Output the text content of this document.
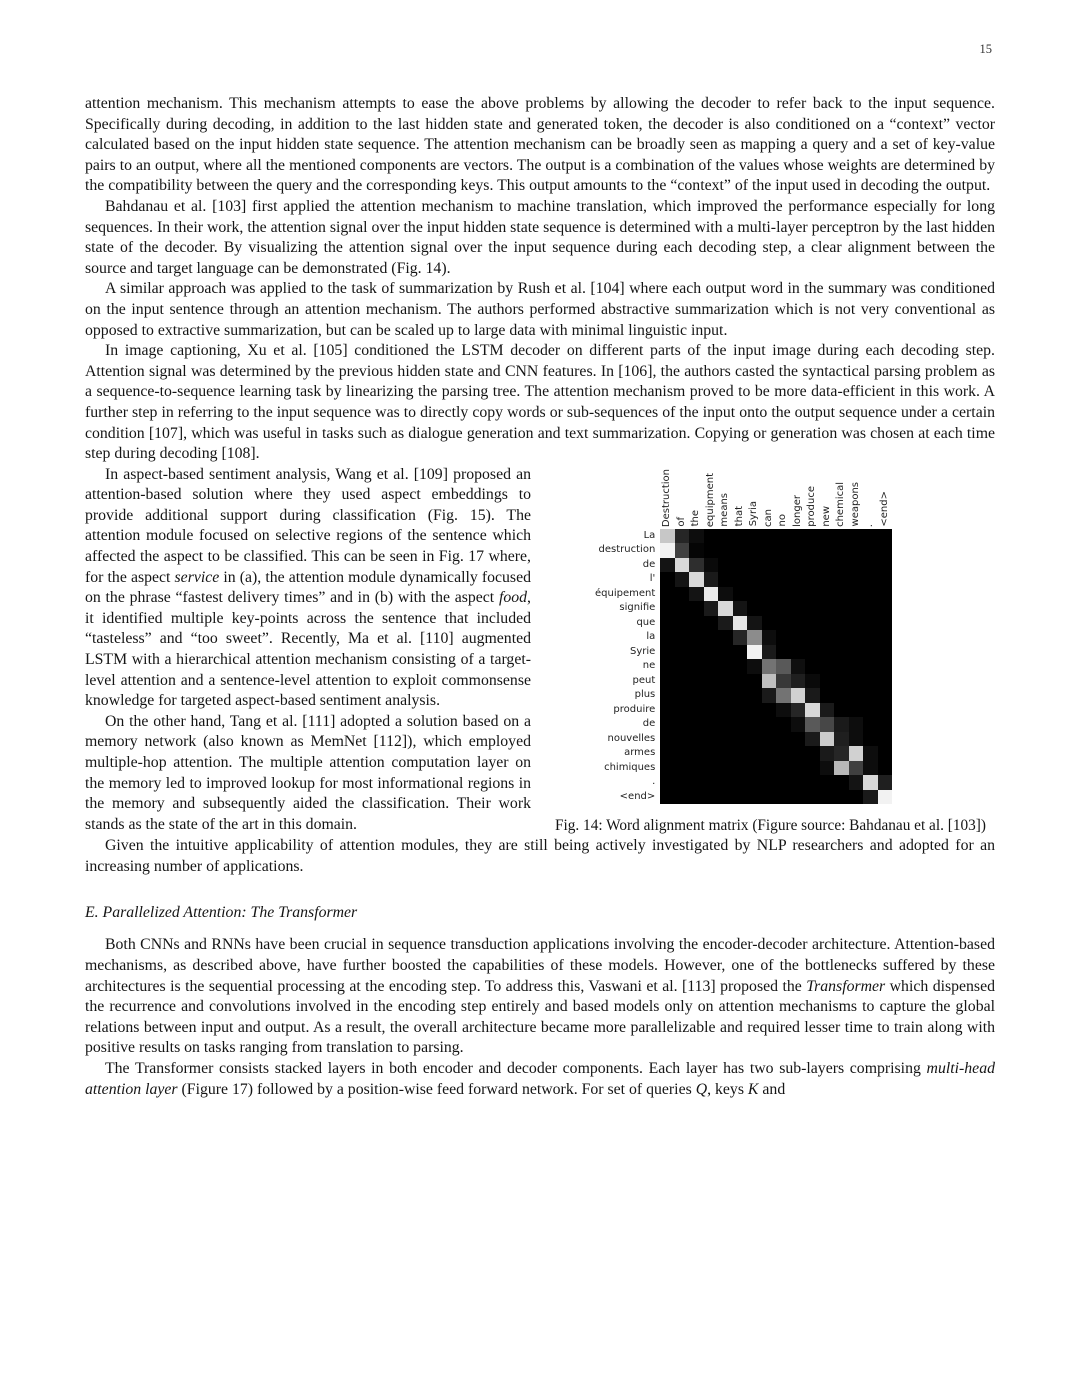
15

attention mechanism. This mechanism attempts to ease the above problems by allowing the decoder to refer back to the input sequence. Specifically during decoding, in addition to the last hidden state and generated token, the decoder is also conditioned on a “context” vector calculated based on the input hidden state sequence. The attention mechanism can be broadly seen as mapping a query and a set of key-value pairs to an output, where all the mentioned components are vectors. The output is a combination of the values whose weights are determined by the compatibility between the query and the corresponding keys. This output amounts to the “context” of the input used in decoding the output.

Bahdanau et al. [103] first applied the attention mechanism to machine translation, which improved the performance especially for long sequences. In their work, the attention signal over the input hidden state sequence is determined with a multi-layer perceptron by the last hidden state of the decoder. By visualizing the attention signal over the input sequence during each decoding step, a clear alignment between the source and target language can be demonstrated (Fig. 14).

A similar approach was applied to the task of summarization by Rush et al. [104] where each output word in the summary was conditioned on the input sentence through an attention mechanism. The authors performed abstractive summarization which is not very conventional as opposed to extractive summarization, but can be scaled up to large data with minimal linguistic input.

In image captioning, Xu et al. [105] conditioned the LSTM decoder on different parts of the input image during each decoding step. Attention signal was determined by the previous hidden state and CNN features. In [106], the authors casted the syntactical parsing problem as a sequence-to-sequence learning task by linearizing the parsing tree. The attention mechanism proved to be more data-efficient in this work. A further step in referring to the input sequence was to directly copy words or sub-sequences of the input onto the output sequence under a certain condition [107], which was useful in tasks such as dialogue generation and text summarization. Copying or generation was chosen at each time step during decoding [108].

In aspect-based sentiment analysis, Wang et al. [109] proposed an attention-based solution where they used aspect embeddings to provide additional support during classification (Fig. 15). The attention module focused on selective regions of the sentence which affected the aspect to be classified. This can be seen in Fig. 17 where, for the aspect service in (a), the attention module dynamically focused on the phrase “fastest delivery times” and in (b) with the aspect food, it identified multiple key-points across the sentence that included “tasteless” and “too sweet”. Recently, Ma et al. [110] augmented LSTM with a hierarchical attention mechanism consisting of a target-level attention and a sentence-level attention to exploit commonsense knowledge for targeted aspect-based sentiment analysis.

On the other hand, Tang et al. [111] adopted a solution based on a memory network (also known as MemNet [112]), which employed multiple-hop attention. The multiple attention computation layer on the memory led to improved lookup for most informational regions in the memory and subsequently aided the classification. Their work stands as the state of the art in this domain.

Destruction of the equipment means that Syria can no longer produce new chemical weapons . <end>
La
destruction
de
l'
équipement
signifie
que
la
Syrie
ne
peut
plus
produire
de
nouvelles
armes
chimiques
.
<end>
Fig. 14: Word alignment matrix (Figure source: Bahdanau et al. [103])

Given the intuitive applicability of attention modules, they are still being actively investigated by NLP researchers and adopted for an increasing number of applications.

E. Parallelized Attention: The Transformer

Both CNNs and RNNs have been crucial in sequence transduction applications involving the encoder-decoder architecture. Attention-based mechanisms, as described above, have further boosted the capabilities of these models. However, one of the bottlenecks suffered by these architectures is the sequential processing at the encoding step. To address this, Vaswani et al. [113] proposed the Transformer which dispensed the recurrence and convolutions involved in the encoding step entirely and based models only on attention mechanisms to capture the global relations between input and output. As a result, the overall architecture became more parallelizable and required lesser time to train along with positive results on tasks ranging from translation to parsing.

The Transformer consists stacked layers in both encoder and decoder components. Each layer has two sub-layers comprising multi-head attention layer (Figure 17) followed by a position-wise feed forward network. For set of queries Q, keys K and
